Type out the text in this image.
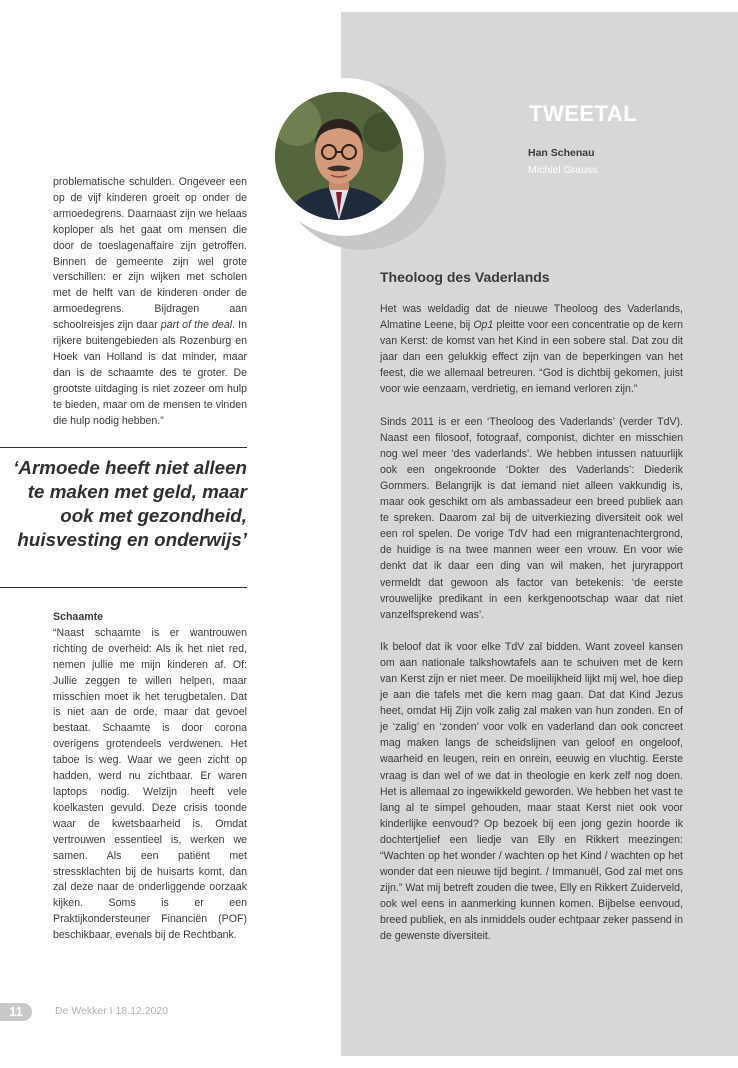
TWEETAL
Han Schenau
Michiel Grauss

problematische schulden. Ongeveer een op de vijf kinderen groeit op onder de armoedegrens. Daarnaast zijn we helaas koploper als het gaat om mensen die door de toeslagenaffaire zijn getroffen. Binnen de gemeente zijn wel grote verschillen: er zijn wijken met scholen met de helft van de kinderen onder de armoedegrens. Bijdragen aan schoolreisjes zijn daar part of the deal. In rijkere buitengebieden als Rozenburg en Hoek van Holland is dat minder, maar dan is de schaamte des te groter. De grootste uitdaging is niet zozeer om hulp te bieden, maar om de mensen te vinden die hulp nodig hebben.”

‘Armoede heeft niet alleen te maken met geld, maar ook met gezondheid, huisvesting en onderwijs’

Schaamte

“Naast schaamte is er wantrouwen richting de overheid: Als ik het niet red, nemen jullie me mijn kinderen af. Of: Jullie zeggen te willen helpen, maar misschien moet ik het terugbetalen. Dat is niet aan de orde, maar dat gevoel bestaat. Schaamte is door corona overigens grotendeels verdwenen. Het taboe is weg. Waar we geen zicht op hadden, werd nu zichtbaar. Er waren laptops nodig. Welzijn heeft vele koelkasten gevuld. Deze crisis toonde waar de kwetsbaarheid is. Omdat vertrouwen essentieel is, werken we samen. Als een patiënt met stressklachten bij de huisarts komt, dan zal deze naar de onderliggende oorzaak kijken. Soms is er een Praktijkondersteuner Financiën (POF) beschikbaar, evenals bij de Rechtbank.

Theoloog des Vaderlands

Het was weldadig dat de nieuwe Theoloog des Vaderlands, Almatine Leene, bij Op1 pleitte voor een concentratie op de kern van Kerst: de komst van het Kind in een sobere stal. Dat zou dit jaar dan een gelukkig effect zijn van de beperkingen van het feest, die we allemaal betreuren. “God is dichtbij gekomen, juist voor wie eenzaam, verdrietig, en iemand verloren zijn.”

Sinds 2011 is er een ‘Theoloog des Vaderlands’ (verder TdV). Naast een filosoof, fotograaf, componist, dichter en misschien nog wel meer ‘des vaderlands’. We hebben intussen natuurlijk ook een ongekroonde ‘Dokter des Vaderlands’: Diederik Gommers. Belangrijk is dat iemand niet alleen vakkundig is, maar ook geschikt om als ambassadeur een breed publiek aan te spreken. Daarom zal bij de uitverkiezing diversiteit ook wel een rol spelen. De vorige TdV had een migrantenachtergrond, de huidige is na twee mannen weer een vrouw. En voor wie denkt dat ik daar een ding van wil maken, het juryrapport vermeldt dat gewoon als factor van betekenis: ‘de eerste vrouwelijke predikant in een kerkgenootschap waar dat niet vanzelfsprekend was’.

Ik beloof dat ik voor elke TdV zal bidden. Want zoveel kansen om aan nationale talkshowtafels aan te schuiven met de kern van Kerst zijn er niet meer. De moeilijkheid lijkt mij wel, hoe diep je aan die tafels met die kern mag gaan. Dat dat Kind Jezus heet, omdat Hij Zijn volk zalig zal maken van hun zonden. En of je ‘zalig’ en ‘zonden’ voor volk en vaderland dan ook concreet mag maken langs de scheidslijnen van geloof en ongeloof, waarheid en leugen, rein en onrein, eeuwig en vluchtig. Eerste vraag is dan wel of we dat in theologie en kerk zelf nog doen. Het is allemaal zo ingewikkeld geworden. We hebben het vast te lang al te simpel gehouden, maar staat Kerst niet ook voor kinderlijke eenvoud? Op bezoek bij een jong gezin hoorde ik dochtertjelief een liedje van Elly en Rikkert meezingen: “Wachten op het wonder / wachten op het Kind / wachten op het wonder dat een nieuwe tijd begint. / Immanuël, God zal met ons zijn.” Wat mij betreft zouden die twee, Elly en Rikkert Zuiderveld, ook wel eens in aanmerking kunnen komen. Bijbelse eenvoud, breed publiek, en als inmiddels ouder echtpaar zeker passend in de gewenste diversiteit.

11	De Wekker I 18.12.2020
